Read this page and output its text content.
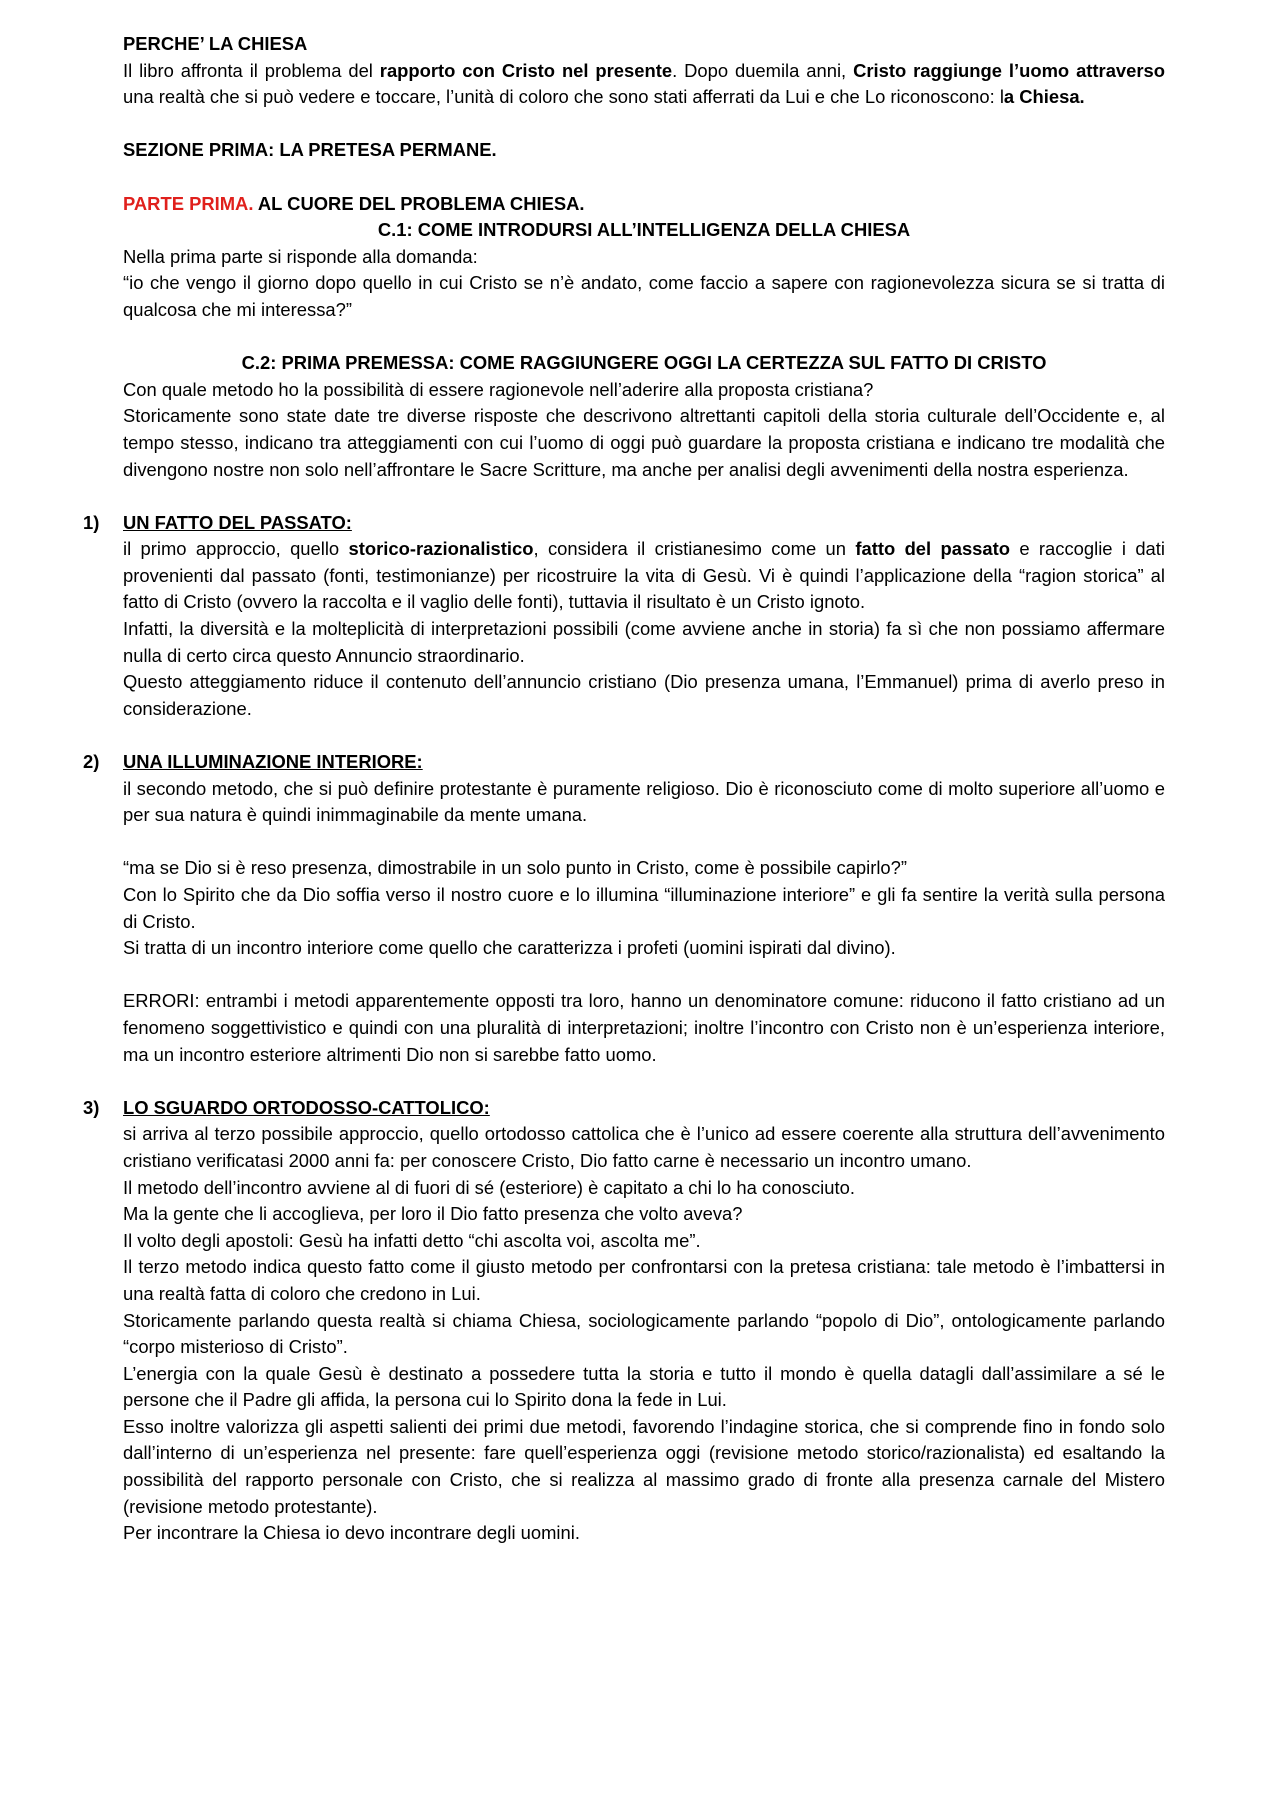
PERCHE’ LA CHIESA

Il libro affronta il problema del rapporto con Cristo nel presente. Dopo duemila anni, Cristo raggiunge l’uomo attraverso una realtà che si può vedere e toccare, l’unità di coloro che sono stati afferrati da Lui e che Lo riconoscono: la Chiesa.

SEZIONE PRIMA: LA PRETESA PERMANE.

PARTE PRIMA. AL CUORE DEL PROBLEMA CHIESA.

C.1: COME INTRODURSI ALL’INTELLIGENZA DELLA CHIESA

Nella prima parte si risponde alla domanda:

“io che vengo il giorno dopo quello in cui Cristo se n’è andato, come faccio a sapere con ragionevolezza sicura se si tratta di qualcosa che mi interessa?”

C.2: PRIMA PREMESSA: COME RAGGIUNGERE OGGI LA CERTEZZA SUL FATTO DI CRISTO

Con quale metodo ho la possibilità di essere ragionevole nell’aderire alla proposta cristiana?

Storicamente sono state date tre diverse risposte che descrivono altrettanti capitoli della storia culturale dell’Occidente e, al tempo stesso, indicano tra atteggiamenti con cui l’uomo di oggi può guardare la proposta cristiana e indicano tre modalità che divengono nostre non solo nell’affrontare le Sacre Scritture, ma anche per analisi degli avvenimenti della nostra esperienza.

1) UN FATTO DEL PASSATO:

il primo approccio, quello storico-razionalistico, considera il cristianesimo come un fatto del passato e raccoglie i dati provenienti dal passato (fonti, testimonianze) per ricostruire la vita di Gesù. Vi è quindi l’applicazione della “ragion storica” al fatto di Cristo (ovvero la raccolta e il vaglio delle fonti), tuttavia il risultato è un Cristo ignoto.

Infatti, la diversità e la molteplicità di interpretazioni possibili (come avviene anche in storia) fa sì che non possiamo affermare nulla di certo circa questo Annuncio straordinario.

Questo atteggiamento riduce il contenuto dell’annuncio cristiano (Dio presenza umana, l’Emmanuel) prima di averlo preso in considerazione.

2) UNA ILLUMINAZIONE INTERIORE:

il secondo metodo, che si può definire protestante è puramente religioso. Dio è riconosciuto come di molto superiore all’uomo e per sua natura è quindi inimmaginabile da mente umana.

“ma se Dio si è reso presenza, dimostrabile in un solo punto in Cristo, come è possibile capirlo?”

Con lo Spirito che da Dio soffia verso il nostro cuore e lo illumina “illuminazione interiore” e gli fa sentire la verità sulla persona di Cristo.

Si tratta di un incontro interiore come quello che caratterizza i profeti (uomini ispirati dal divino).

ERRORI: entrambi i metodi apparentemente opposti tra loro, hanno un denominatore comune: riducono il fatto cristiano ad un fenomeno soggettivistico e quindi con una pluralità di interpretazioni; inoltre l’incontro con Cristo non è un’esperienza interiore, ma un incontro esteriore altrimenti Dio non si sarebbe fatto uomo.

3) LO SGUARDO ORTODOSSO-CATTOLICO:

si arriva al terzo possibile approccio, quello ortodosso cattolica che è l’unico ad essere coerente alla struttura dell’avvenimento cristiano verificatasi 2000 anni fa: per conoscere Cristo, Dio fatto carne è necessario un incontro umano.

Il metodo dell’incontro avviene al di fuori di sé (esteriore) è capitato a chi lo ha conosciuto.

Ma la gente che li accoglieva, per loro il Dio fatto presenza che volto aveva?

Il volto degli apostoli: Gesù ha infatti detto “chi ascolta voi, ascolta me”.

Il terzo metodo indica questo fatto come il giusto metodo per confrontarsi con la pretesa cristiana: tale metodo è l’imbattersi in una realtà fatta di coloro che credono in Lui.

Storicamente parlando questa realtà si chiama Chiesa, sociologicamente parlando “popolo di Dio”, ontologicamente parlando “corpo misterioso di Cristo”.

L’energia con la quale Gesù è destinato a possedere tutta la storia e tutto il mondo è quella datagli dall’assimilare a sé le persone che il Padre gli affida, la persona cui lo Spirito dona la fede in Lui.

Esso inoltre valorizza gli aspetti salienti dei primi due metodi, favorendo l’indagine storica, che si comprende fino in fondo solo dall’interno di un’esperienza nel presente: fare quell’esperienza oggi (revisione metodo storico/razionalista) ed esaltando la possibilità del rapporto personale con Cristo, che si realizza al massimo grado di fronte alla presenza carnale del Mistero (revisione metodo protestante).

Per incontrare la Chiesa io devo incontrare degli uomini.
